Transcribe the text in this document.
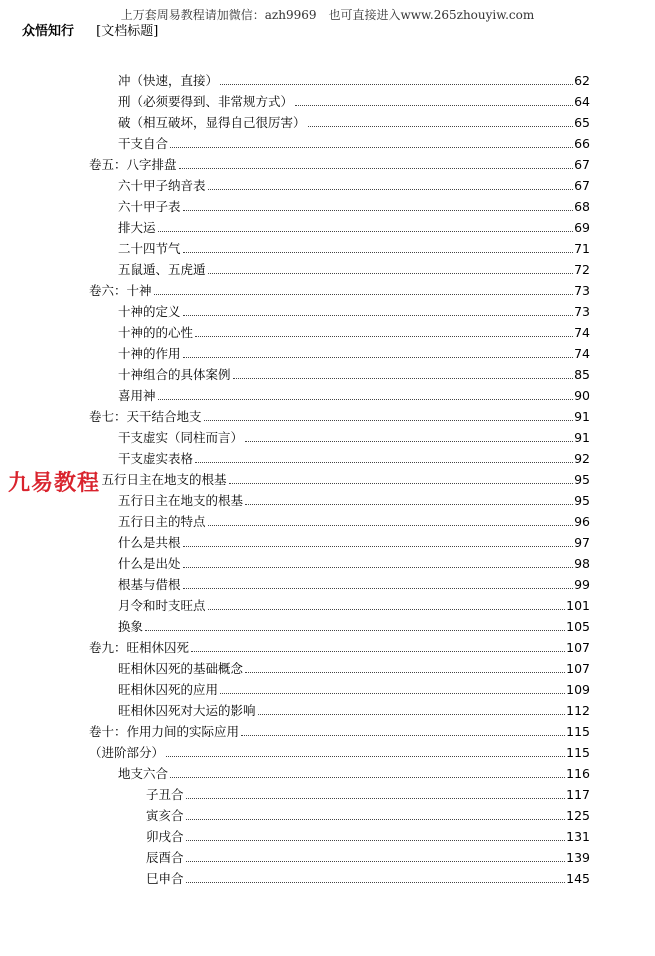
上万套周易教程请加微信：azh9969　也可直接进入www.265zhouyiw.com
众悟知行 [文档标题]
冲（快速，直接）	62
刑（必须要得到、非常规方式）	64
破（相互破坏，显得自己很厉害）	65
干支自合	66
卷五：八字排盘	67
六十甲子纳音表	67
六十甲子表	68
排大运	69
二十四节气	71
五鼠遁、五虎遁	72
卷六：十神	73
十神的定义	73
十神的的心性	74
十神的作用	74
十神组合的具体案例	85
喜用神	90
卷七：天干结合地支	91
干支虚实（同柱而言）	91
干支虚实表格	92
：五行日主在地支的根基	95
五行日主在地支的根基	95
五行日主的特点	96
什么是共根	97
什么是出处	98
根基与借根	99
月令和时支旺点	101
换象	105
卷九：旺相休囚死	107
旺相休囚死的基础概念	107
旺相休囚死的应用	109
旺相休囚死对大运的影响	112
卷十：作用力间的实际应用	115
（进阶部分）	115
地支六合	116
子丑合	117
寅亥合	125
卯戌合	131
辰酉合	139
巳申合	145
九易教程
